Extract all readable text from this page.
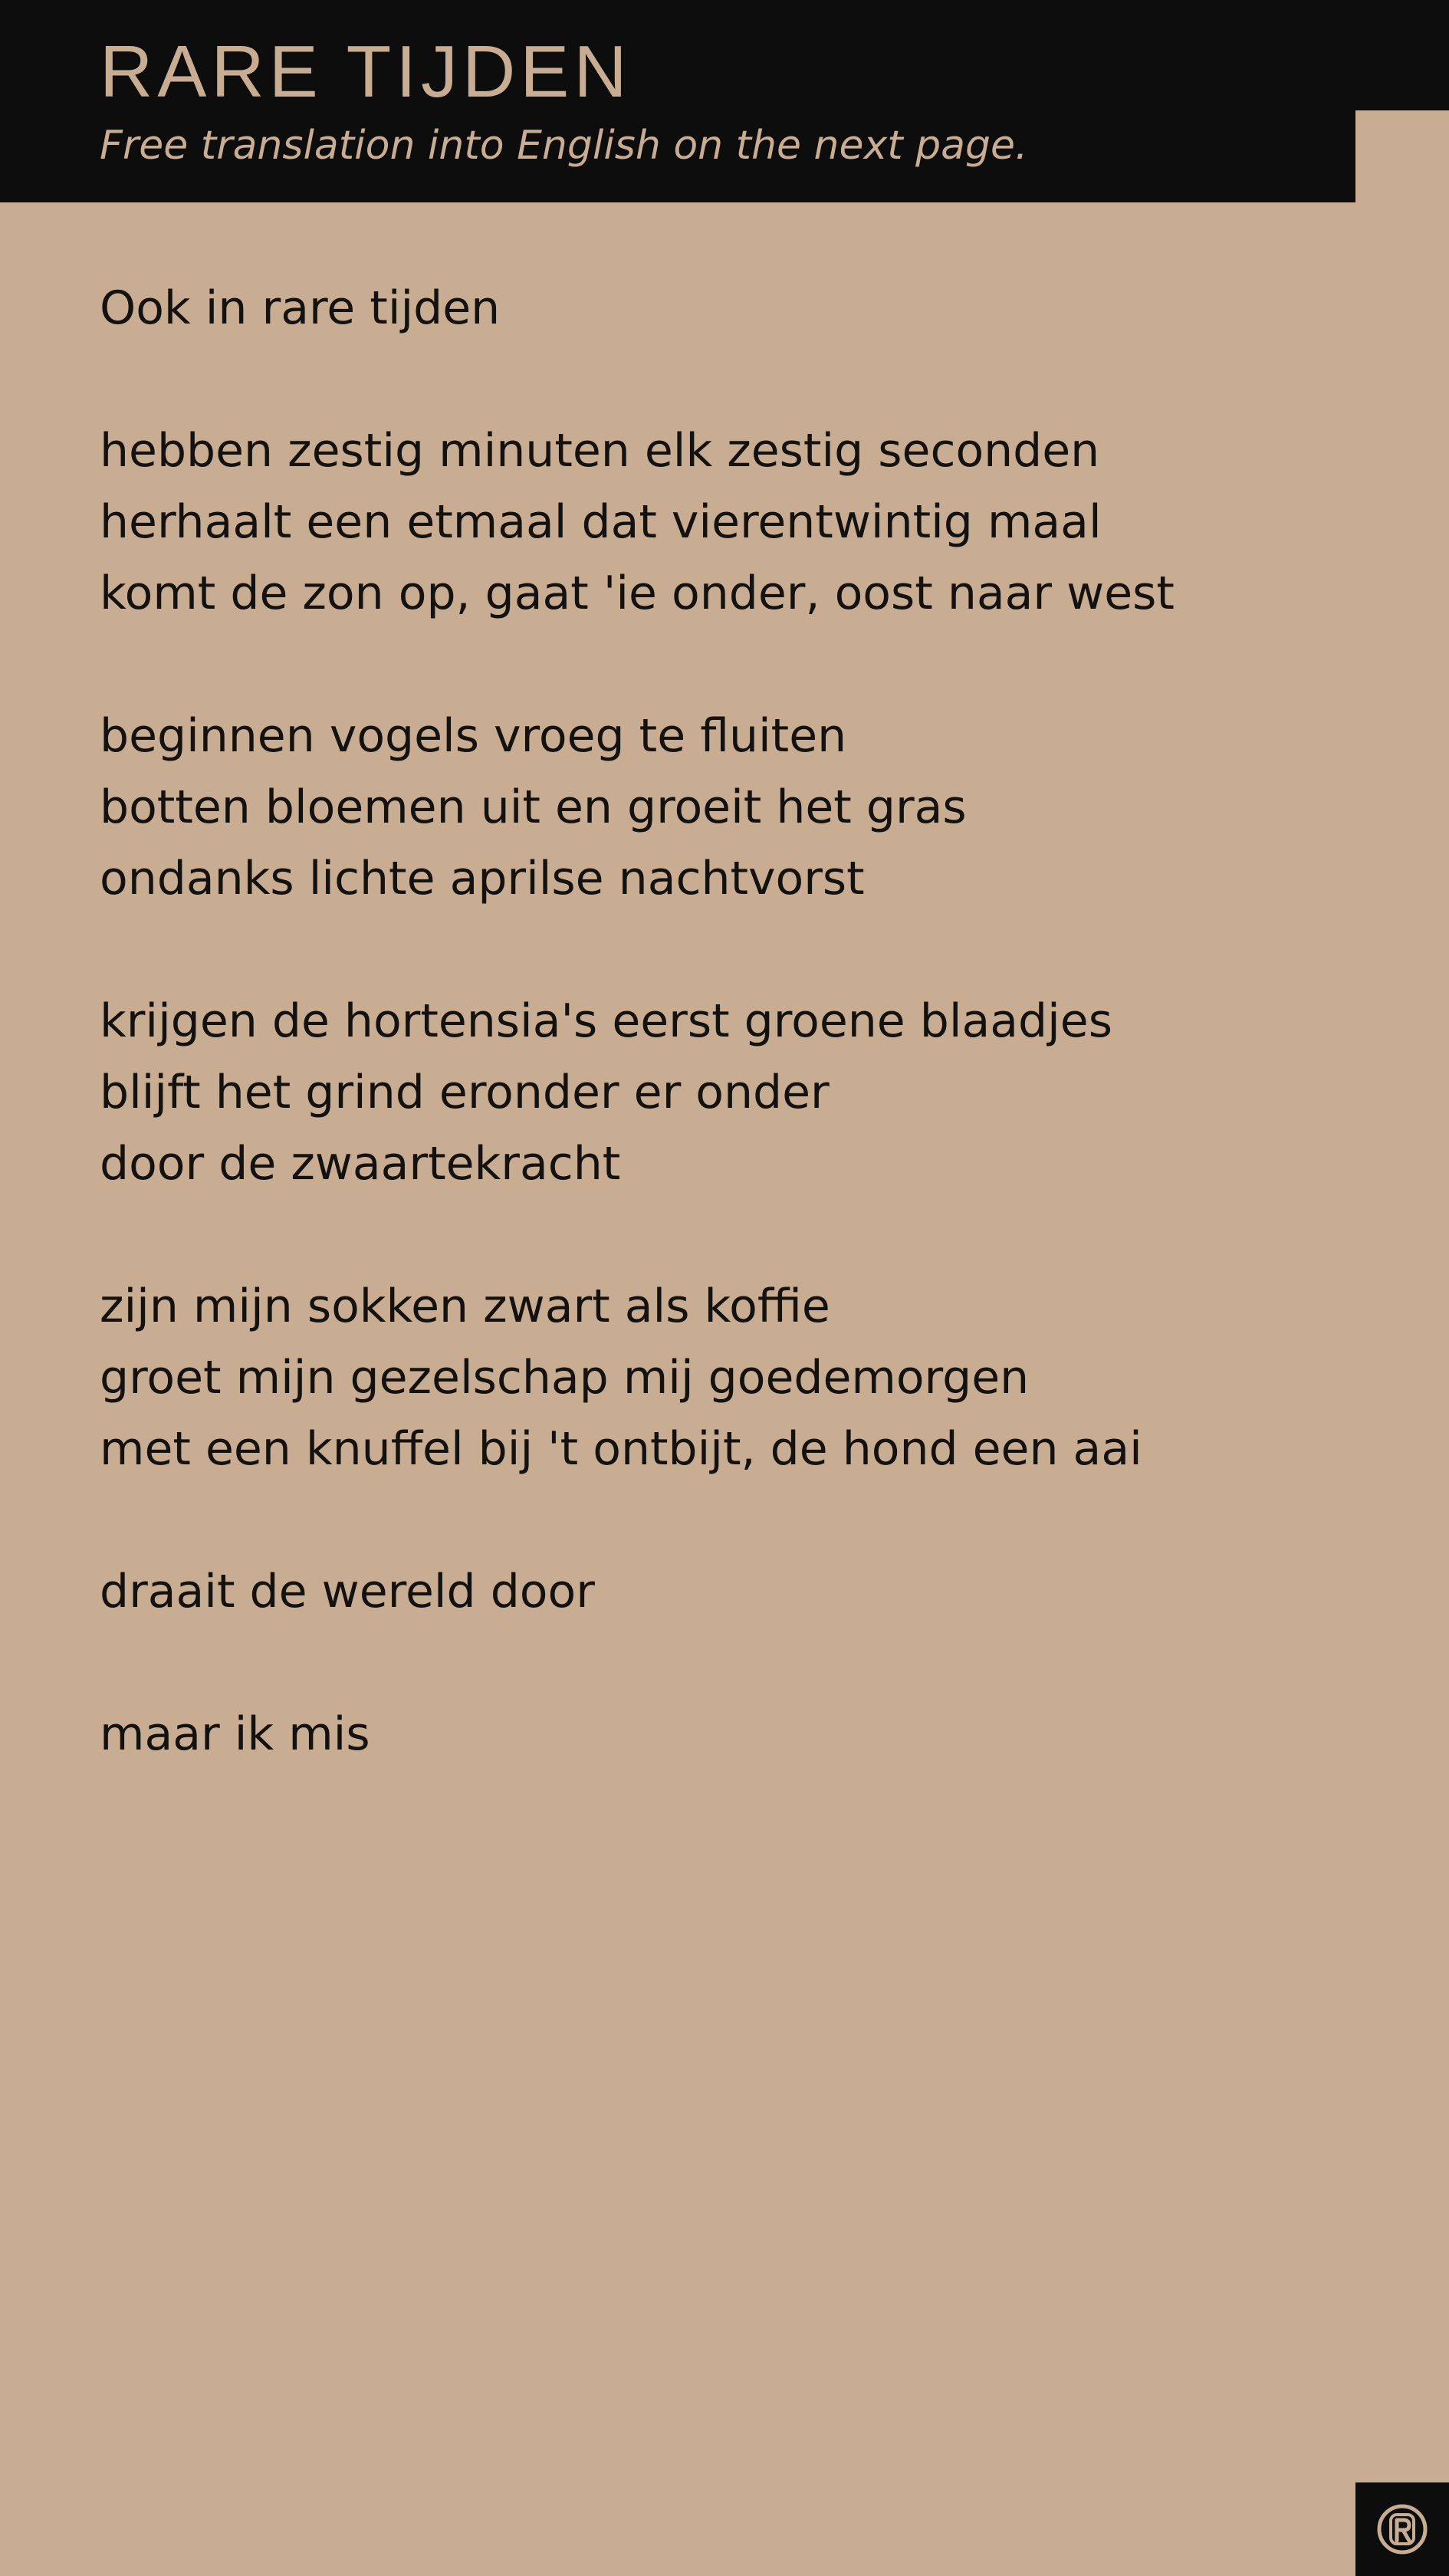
RARE TIJDEN

Free translation into English on the next page.

Ook in rare tijden
hebben zestig minuten elk zestig seconden
herhaalt een etmaal dat vierentwintig maal
komt de zon op, gaat 'ie onder, oost naar west
beginnen vogels vroeg te fluiten
botten bloemen uit en groeit het gras
ondanks lichte aprilse nachtvorst
krijgen de hortensia's eerst groene blaadjes
blijft het grind eronder er onder
door de zwaartekracht
zijn mijn sokken zwart als koffie
groet mijn gezelschap mij goedemorgen
met een knuffel bij 't ontbijt, de hond een aai
draait de wereld door
maar ik mis
